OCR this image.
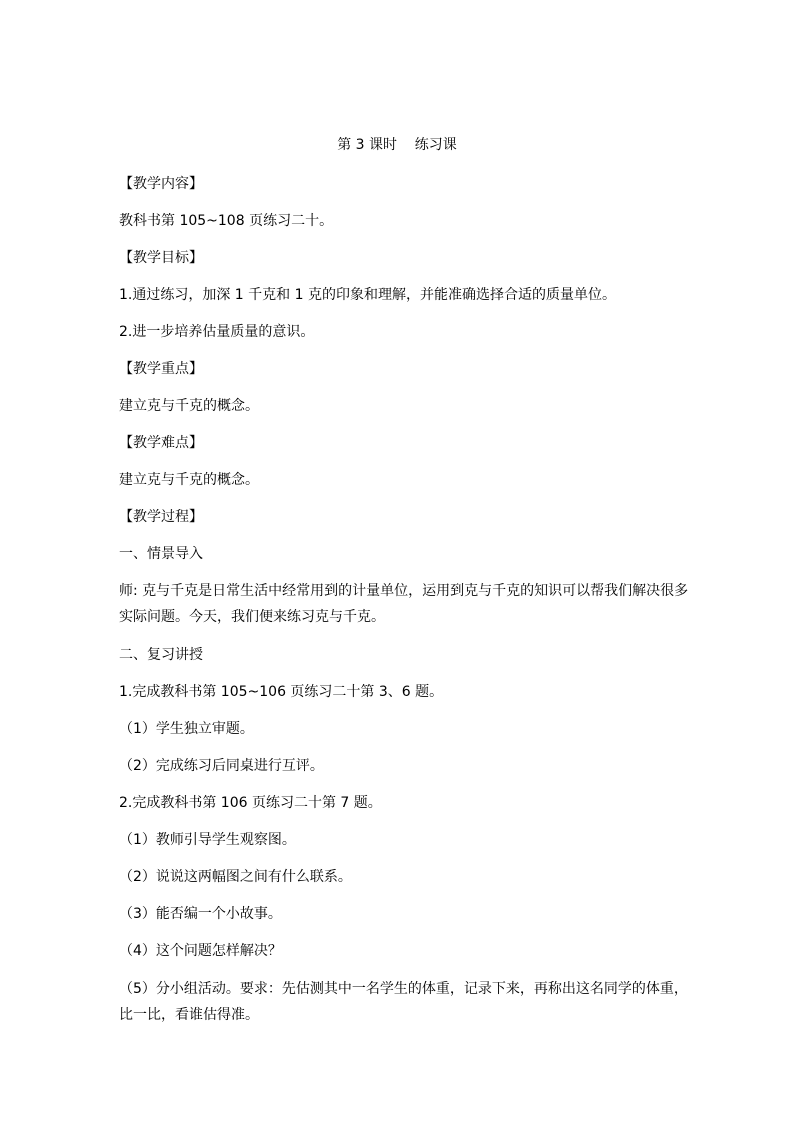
第 3 课时    练习课
【教学内容】
教科书第 105~108 页练习二十。
【教学目标】
1.通过练习，加深 1 千克和 1 克的印象和理解，并能准确选择合适的质量单位。
2.进一步培养估量质量的意识。
【教学重点】
建立克与千克的概念。
【教学难点】
建立克与千克的概念。
【教学过程】
一、情景导入
师: 克与千克是日常生活中经常用到的计量单位，运用到克与千克的知识可以帮我们解决很多实际问题。今天，我们便来练习克与千克。
二、复习讲授
1.完成教科书第 105~106 页练习二十第 3、6 题。
（1）学生独立审题。
（2）完成练习后同桌进行互评。
2.完成教科书第 106 页练习二十第 7 题。
（1）教师引导学生观察图。
（2）说说这两幅图之间有什么联系。
（3）能否编一个小故事。
（4）这个问题怎样解决？
（5）分小组活动。要求：先估测其中一名学生的体重，记录下来，再称出这名同学的体重，比一比，看谁估得准。
